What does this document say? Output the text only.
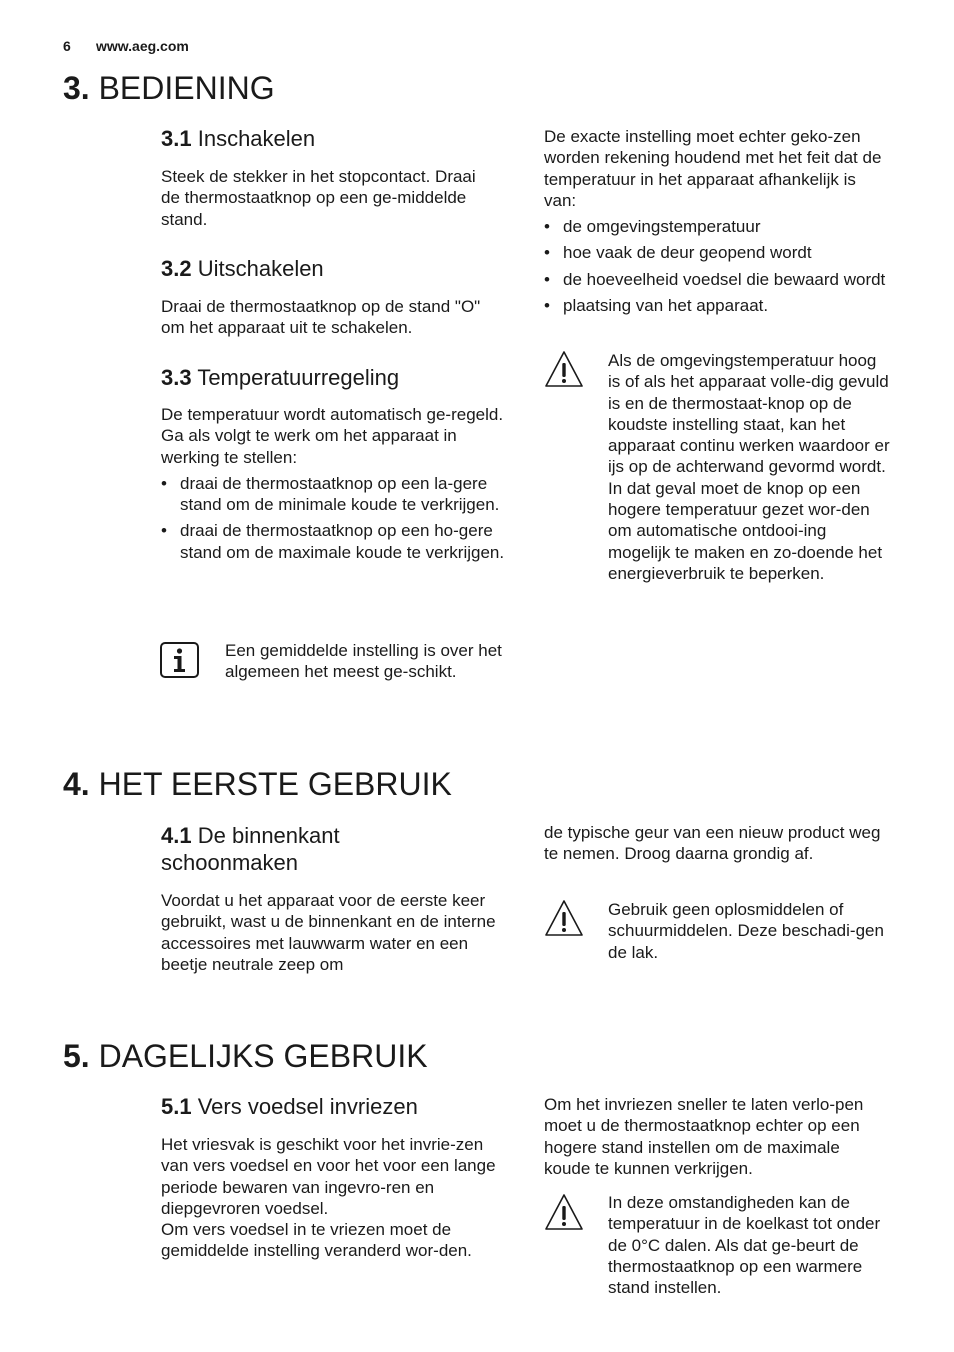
6 www.aeg.com
3. BEDIENING
3.1 Inschakelen

Steek de stekker in het stopcontact. Draai de thermostaatknop op een ge-middelde stand.

3.2 Uitschakelen

Draai de thermostaatknop op de stand "O" om het apparaat uit te schakelen.

3.3 Temperatuurregeling

De temperatuur wordt automatisch ge-regeld.

Ga als volgt te werk om het apparaat in werking te stellen:

• draai de thermostaatknop op een la-gere stand om de minimale koude te verkrijgen.
• draai de thermostaatknop op een ho-gere stand om de maximale koude te verkrijgen.
Een gemiddelde instelling is over het algemeen het meest ge-schikt.

De exacte instelling moet echter geko-zen worden rekening houdend met het feit dat de temperatuur in het apparaat afhankelijk is van:

• de omgevingstemperatuur
• hoe vaak de deur geopend wordt
• de hoeveelheid voedsel die bewaard wordt
• plaatsing van het apparaat.
Als de omgevingstemperatuur hoog is of als het apparaat volle-dig gevuld is en de thermostaat-knop op de koudste instelling staat, kan het apparaat continu werken waardoor er ijs op de achterwand gevormd wordt. In dat geval moet de knop op een hogere temperatuur gezet wor-den om automatische ontdooi-ing mogelijk te maken en zo-doende het energieverbruik te beperken.
4. HET EERSTE GEBRUIK
4.1 De binnenkant schoonmaken

Voordat u het apparaat voor de eerste keer gebruikt, wast u de binnenkant en de interne accessoires met lauwwarm water en een beetje neutrale zeep om

de typische geur van een nieuw product weg te nemen. Droog daarna grondig af.

Gebruik geen oplosmiddelen of schuurmiddelen. Deze beschadi-gen de lak.
5. DAGELIJKS GEBRUIK
5.1 Vers voedsel invriezen

Het vriesvak is geschikt voor het invrie-zen van vers voedsel en voor het voor een lange periode bewaren van ingevro-ren en diepgevroren voedsel.

Om vers voedsel in te vriezen moet de gemiddelde instelling veranderd wor-den.

Om het invriezen sneller te laten verlo-pen moet u de thermostaatknop echter op een hogere stand instellen om de maximale koude te kunnen verkrijgen.

In deze omstandigheden kan de temperatuur in de koelkast tot onder de 0°C dalen. Als dat ge-beurt de thermostaatknop op een warmere stand instellen.
